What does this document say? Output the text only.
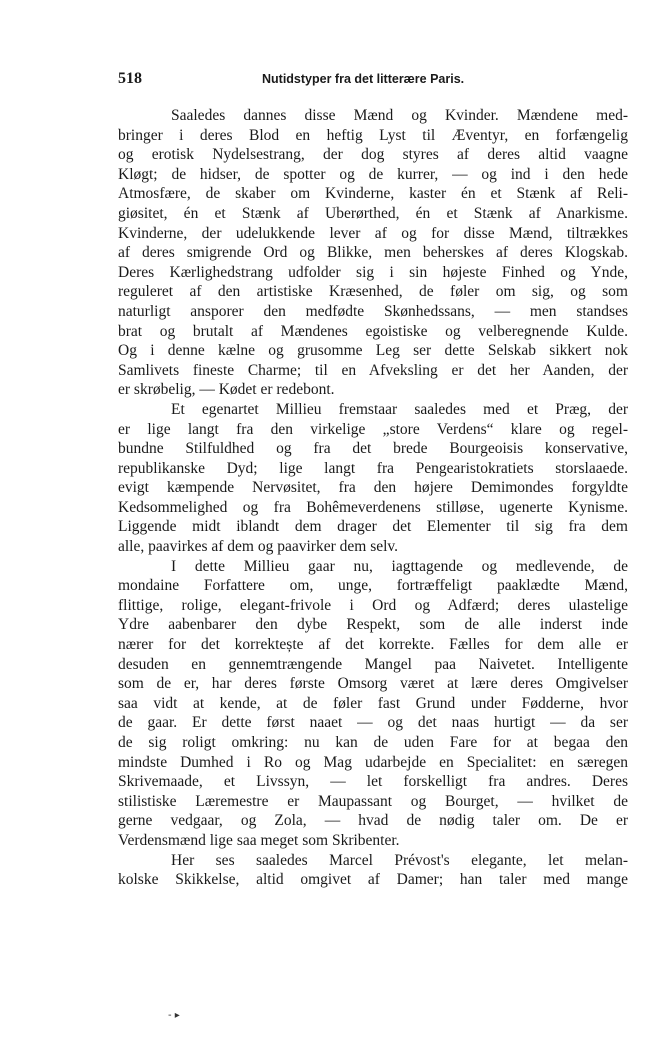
518	Nutidstyper fra det litterære Paris.
Saaledes dannes disse Mænd og Kvinder. Mændene med-
bringer i deres Blod en heftig Lyst til Æventyr, en forfængelig
og erotisk Nydelsestrang, der dog styres af deres altid vaagne
Kløgt; de hidser, de spotter og de kurrer, — og ind i den hede
Atmosfære, de skaber om Kvinderne, kaster én et Stænk af Reli-
giøsitet, én et Stænk af Uberørthed, én et Stænk af Anarkisme.
Kvinderne, der udelukkende lever af og for disse Mænd, tiltrækkes
af deres smigrende Ord og Blikke, men beherskes af deres Klogskab.
Deres Kærlighedstrang udfolder sig i sin højeste Finhed og Ynde,
reguleret af den artistiske Kræsenhed, de føler om sig, og som
naturligt ansporer den medfødte Skønhedssans, — men standses
brat og brutalt af Mændenes egoistiske og velberegnende Kulde.
Og i denne kælne og grusomme Leg ser dette Selskab sikkert nok
Samlivets fineste Charme; til en Afveksling er det her Aanden, der
er skrøbelig, — Kødet er redebont.
Et egenartet Millieu fremstaar saaledes med et Præg, der
er lige langt fra den virkelige „store Verdens“ klare og regel-
bundne Stilfuldhed og fra det brede Bourgeoisis konservative,
republikanske Dyd; lige langt fra Pengearistokratiets storslaaede.
evigt kæmpende Nervøsitet, fra den højere Demimondes forgyldte
Kedsommelighed og fra Bohêmeverdenens stilløse, ugenerte Kynisme.
Liggende midt iblandt dem drager det Elementer til sig fra dem
alle, paavirkes af dem og paavirker dem selv.
I dette Millieu gaar nu, iagttagende og medlevende, de
mondaine Forfattere om, unge, fortræffeligt paaklædte Mænd,
flittige, rolige, elegant-frivole i Ord og Adfærd; deres ulastelige
Ydre aabenbarer den dybe Respekt, som de alle inderst inde
nærer for det korrektește af det korrekte. Fælles for dem alle er
desuden en gennemtrængende Mangel paa Naivetet. Intelligente
som de er, har deres første Omsorg været at lære deres Omgivelser
saa vidt at kende, at de føler fast Grund under Fødderne, hvor
de gaar. Er dette først naaet — og det naas hurtigt — da ser
de sig roligt omkring: nu kan de uden Fare for at begaa den
mindste Dumhed i Ro og Mag udarbejde en Specialitet: en særegen
Skrivemaade, et Livssyn, — let forskelligt fra andres. Deres
stilistiske Læremestre er Maupassant og Bourget, — hvilket de
gerne vedgaar, og Zola, — hvad de nødig taler om. De er
Verdensmænd lige saa meget som Skribenter.
Her ses saaledes Marcel Prévost's elegante, let melan-
kolske Skikkelse, altid omgivet af Damer; han taler med mange
- ▸
